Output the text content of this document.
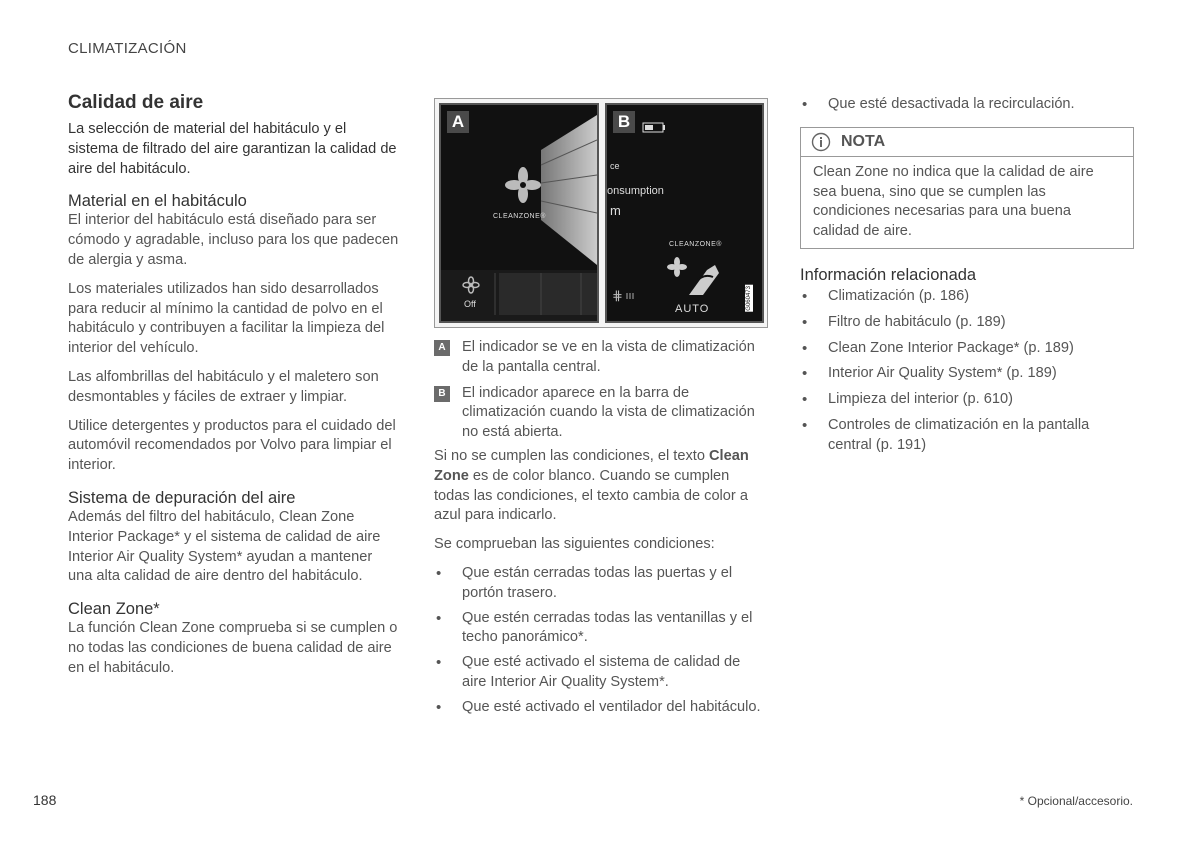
CLIMATIZACIÓN
Calidad de aire

La selección de material del habitáculo y el sistema de filtrado del aire garantizan la calidad de aire del habitáculo.

Material en el habitáculo

El interior del habitáculo está diseñado para ser cómodo y agradable, incluso para los que padecen de alergia y asma.

Los materiales utilizados han sido desarrollados para reducir al mínimo la cantidad de polvo en el habitáculo y contribuyen a facilitar la limpieza del interior del vehículo.

Las alfombrillas del habitáculo y el maletero son desmontables y fáciles de extraer y limpiar.

Utilice detergentes y productos para el cuidado del automóvil recomendados por Volvo para limpiar el interior.

Sistema de depuración del aire

Además del filtro del habitáculo, Clean Zone Interior Package* y el sistema de calidad de aire Interior Air Quality System* ayudan a mantener una alta calidad de aire dentro del habitáculo.

Clean Zone*

La función Clean Zone comprueba si se cumplen o no todas las condiciones de buena calidad de aire en el habitáculo.

A
CLEANZONE®
Off
B
⋕
ce
onsumption
m
CLEANZONE®
AUTO	G060473
A	El indicador se ve en la vista de climatización de la pantalla central.

B	El indicador aparece en la barra de climatización cuando la vista de climatización no está abierta.

Si no se cumplen las condiciones, el texto Clean Zone es de color blanco. Cuando se cumplen todas las condiciones, el texto cambia de color a azul para indicarlo.

Se comprueban las siguientes condiciones:

• Que están cerradas todas las puertas y el portón trasero.
• Que estén cerradas todas las ventanillas y el techo panorámico*.
• Que esté activado el sistema de calidad de aire Interior Air Quality System*.
• Que esté activado el ventilador del habitáculo.
• Que esté desactivada la recirculación.
NOTA

Clean Zone no indica que la calidad de aire sea buena, sino que se cumplen las condiciones necesarias para una buena calidad de aire.

Información relacionada
• Climatización (p. 186)
• Filtro de habitáculo (p. 189)
• Clean Zone Interior Package* (p. 189)
• Interior Air Quality System* (p. 189)
• Limpieza del interior (p. 610)
• Controles de climatización en la pantalla central (p. 191)
188	* Opcional/accesorio.
